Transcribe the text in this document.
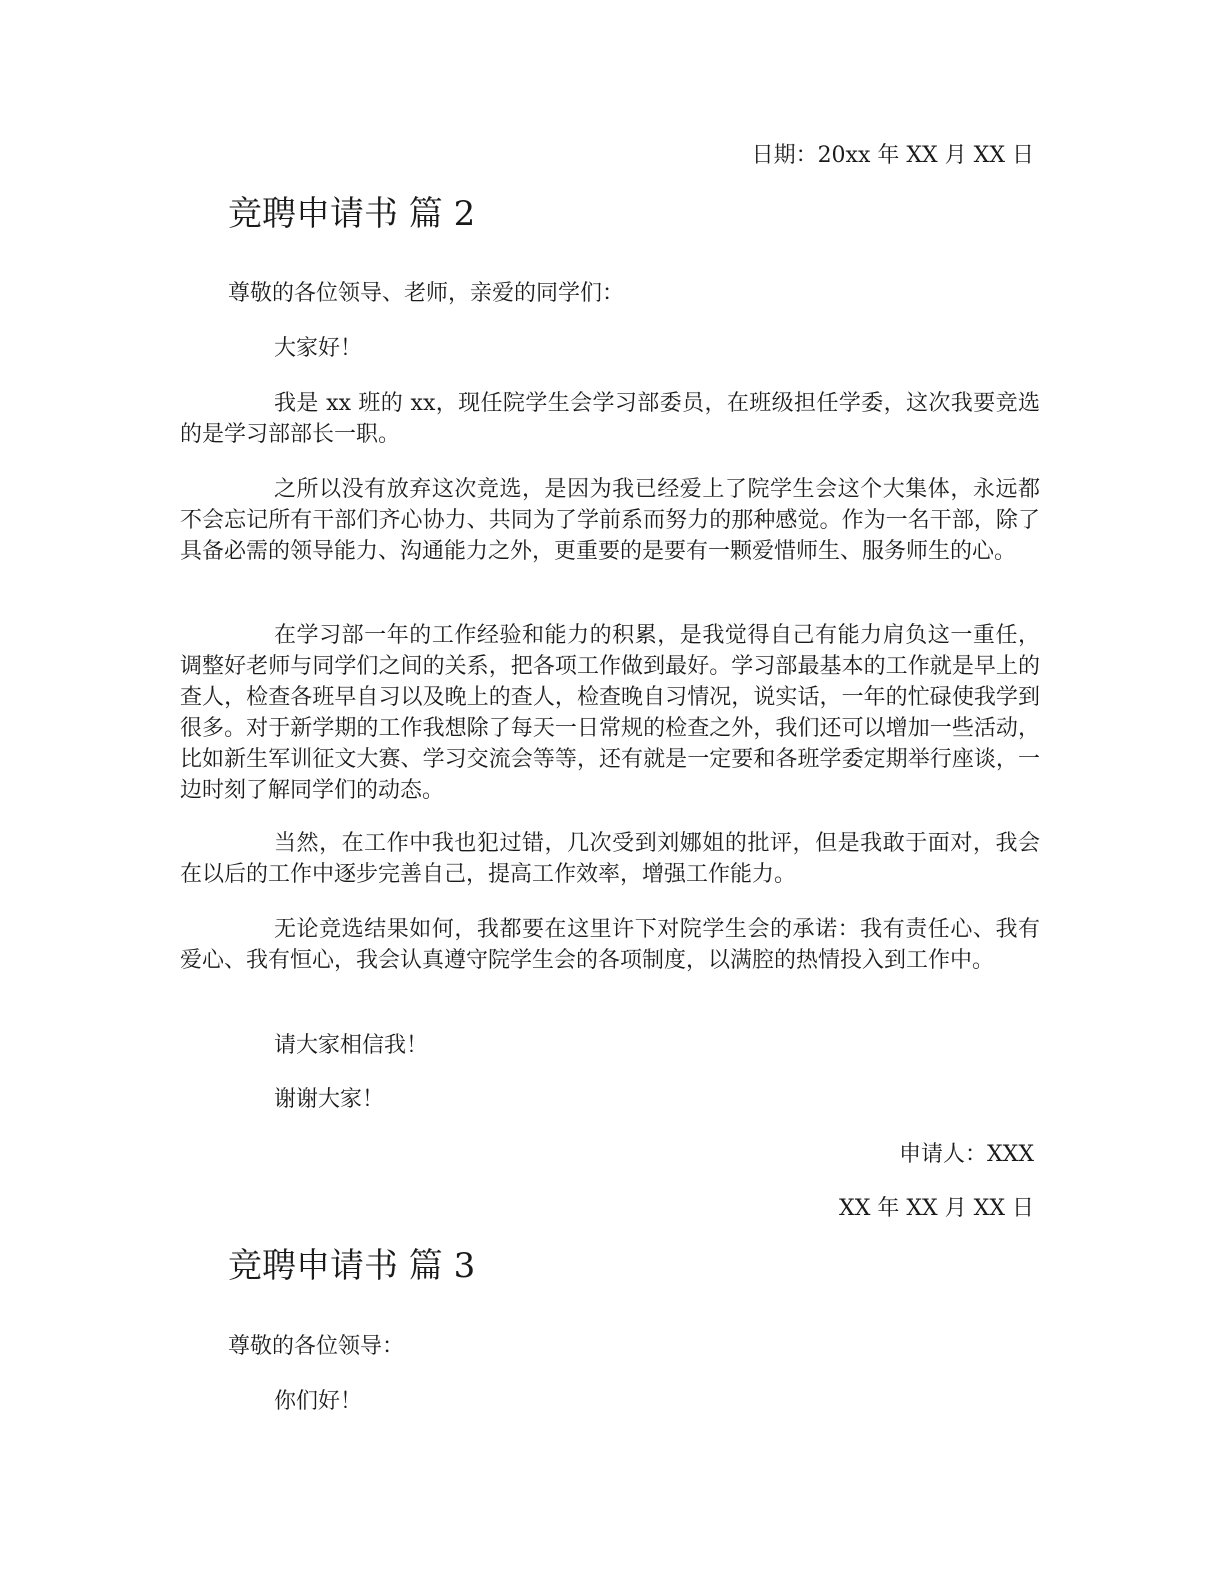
日期：20xx 年 XX 月 XX 日

竞聘申请书 篇 2

尊敬的各位领导、老师，亲爱的同学们：

大家好！

我是 xx 班的 xx，现任院学生会学习部委员，在班级担任学委，这次我要竞选的是学习部部长一职。

之所以没有放弃这次竞选，是因为我已经爱上了院学生会这个大集体，永远都不会忘记所有干部们齐心协力、共同为了学前系而努力的那种感觉。作为一名干部，除了具备必需的领导能力、沟通能力之外，更重要的是要有一颗爱惜师生、服务师生的心。

在学习部一年的工作经验和能力的积累，是我觉得自己有能力肩负这一重任，调整好老师与同学们之间的关系，把各项工作做到最好。学习部最基本的工作就是早上的查人，检查各班早自习以及晚上的查人，检查晚自习情况，说实话，一年的忙碌使我学到很多。对于新学期的工作我想除了每天一日常规的检查之外，我们还可以增加一些活动，比如新生军训征文大赛、学习交流会等等，还有就是一定要和各班学委定期举行座谈，一边时刻了解同学们的动态。

当然，在工作中我也犯过错，几次受到刘娜姐的批评，但是我敢于面对，我会在以后的工作中逐步完善自己，提高工作效率，增强工作能力。

无论竞选结果如何，我都要在这里许下对院学生会的承诺：我有责任心、我有爱心、我有恒心，我会认真遵守院学生会的各项制度，以满腔的热情投入到工作中。

请大家相信我！

谢谢大家！

申请人：XXX

XX 年 XX 月 XX 日

竞聘申请书 篇 3

尊敬的各位领导：

你们好！
